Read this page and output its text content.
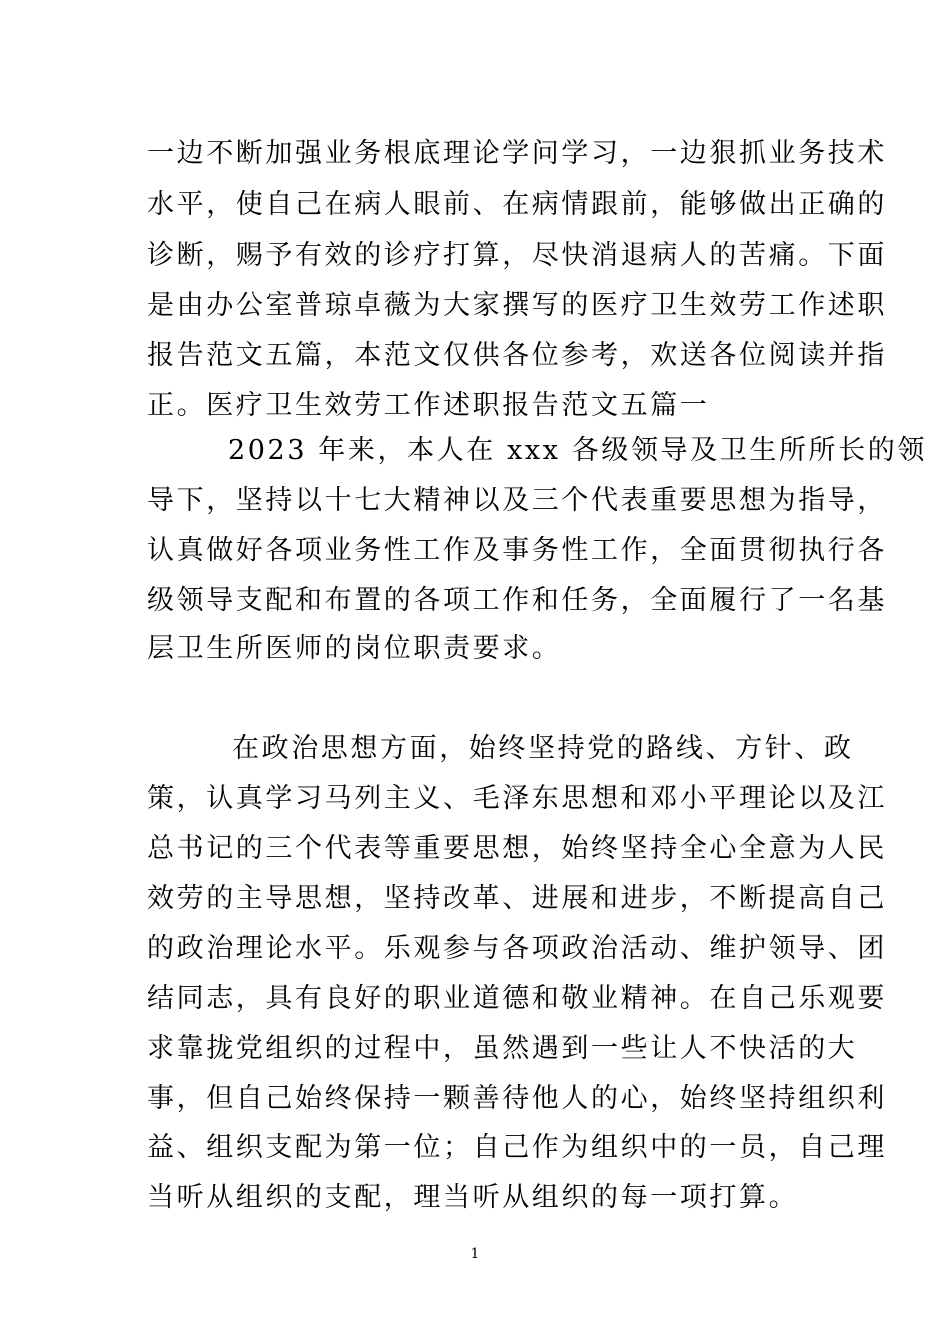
一边不断加强业务根底理论学问学习，一边狠抓业务技术
水平，使自己在病人眼前、在病情跟前，能够做出正确的
诊断，赐予有效的诊疗打算，尽快消退病人的苦痛。下面
是由办公室普琼卓薇为大家撰写的医疗卫生效劳工作述职
报告范文五篇，本范文仅供各位参考，欢送各位阅读并指
正。医疗卫生效劳工作述职报告范文五篇一
2023 年来，本人在 xxx 各级领导及卫生所所长的领
导下，坚持以十七大精神以及三个代表重要思想为指导，
认真做好各项业务性工作及事务性工作，全面贯彻执行各
级领导支配和布置的各项工作和任务，全面履行了一名基
层卫生所医师的岗位职责要求。
在政治思想方面，始终坚持党的路线、方针、政
策，认真学习马列主义、毛泽东思想和邓小平理论以及江
总书记的三个代表等重要思想，始终坚持全心全意为人民
效劳的主导思想，坚持改革、进展和进步，不断提高自己
的政治理论水平。乐观参与各项政治活动、维护领导、团
结同志，具有良好的职业道德和敬业精神。在自己乐观要
求靠拢党组织的过程中，虽然遇到一些让人不快活的大
事，但自己始终保持一颗善待他人的心，始终坚持组织利
益、组织支配为第一位；自己作为组织中的一员，自己理
当听从组织的支配，理当听从组织的每一项打算。
1
